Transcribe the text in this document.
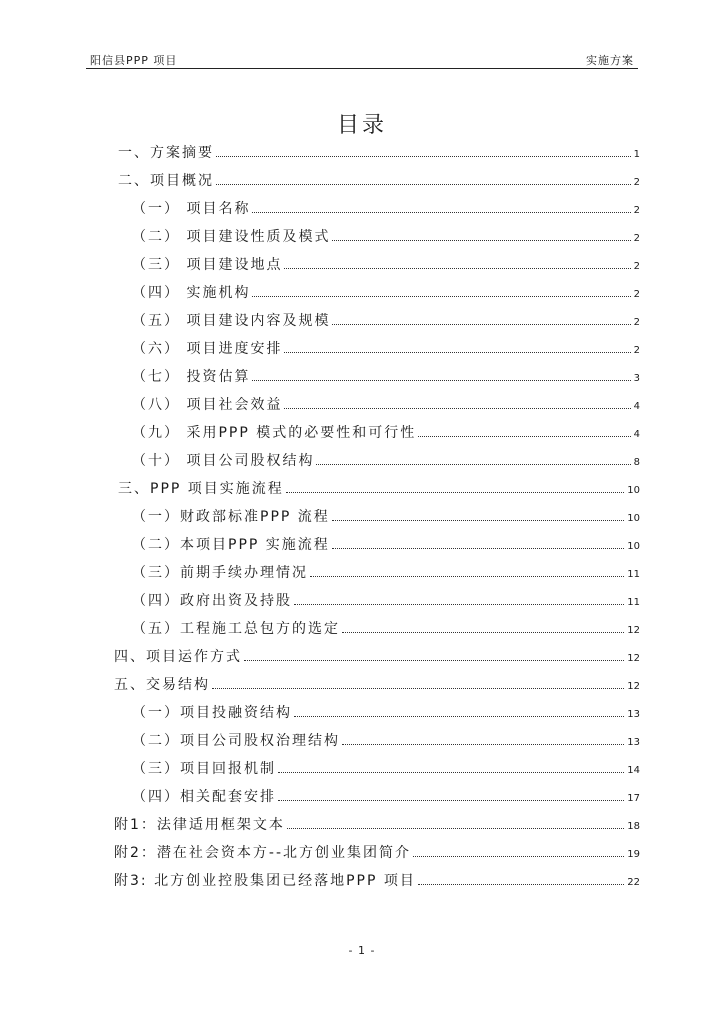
阳信县PPP 项目	实施方案
目录
一、方案摘要	1
二、项目概况	2
（一） 项目名称	2
（二） 项目建设性质及模式	2
（三） 项目建设地点	2
（四） 实施机构	2
（五） 项目建设内容及规模	2
（六） 项目进度安排	2
（七） 投资估算	3
（八） 项目社会效益	4
（九） 采用PPP 模式的必要性和可行性	4
（十） 项目公司股权结构	8
三、PPP 项目实施流程	10
（一）财政部标准PPP 流程	10
（二）本项目PPP 实施流程	10
（三）前期手续办理情况	11
（四）政府出资及持股	11
（五）工程施工总包方的选定	12
四、项目运作方式	12
五、交易结构	12
（一）项目投融资结构	13
（二）项目公司股权治理结构	13
（三）项目回报机制	14
（四）相关配套安排	17
附1：法律适用框架文本	18
附2：潜在社会资本方--北方创业集团简介	19
附3: 北方创业控股集团已经落地PPP 项目	22
- 1 -
